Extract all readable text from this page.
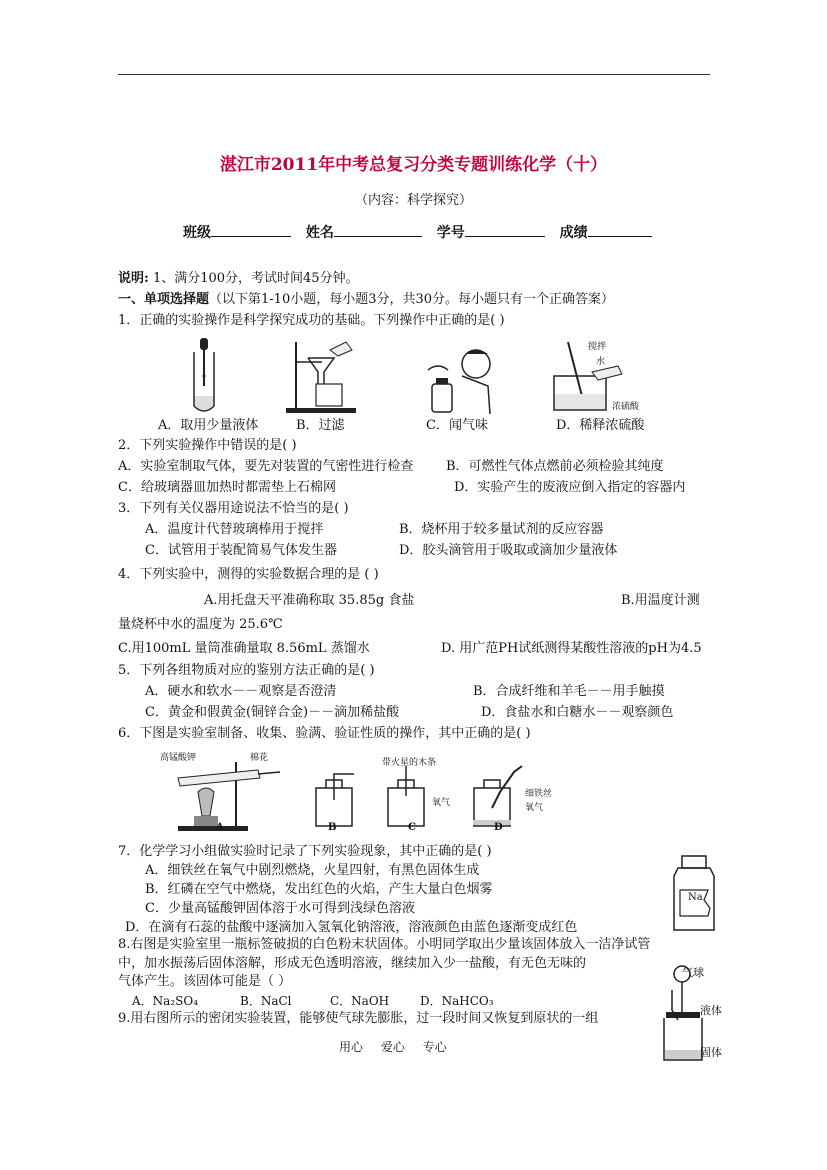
湛江市2011年中考总复习分类专题训练化学（十）
（内容：科学探究）
班级	姓名	学号	成绩
说明: 1、满分100分，考试时间45分钟。
一、单项选择题（以下第1-10小题，每小题3分，共30分。每小题只有一个正确答案）
1．正确的实验操作是科学探究成功的基础。下列操作中正确的是( )
搅拌
水
浓硫酸
A．取用少量液体	B．过滤	C．闻气味	D．稀释浓硫酸
2．下列实验操作中错误的是( )
A．实验室制取气体，要先对装置的气密性进行检查	B．可燃性气体点燃前必须检验其纯度
C．给玻璃器皿加热时都需垫上石棉网	D．实验产生的废液应倒入指定的容器内
3．下列有关仪器用途说法不恰当的是( )
A．温度计代替玻璃棒用于搅拌	B．烧杯用于较多量试剂的反应容器
C．试管用于装配简易气体发生器	D．胶头滴管用于吸取或滴加少量液体
4．下列实验中，测得的实验数据合理的是 ( )
A.用托盘天平准确称取 35.85g 食盐	B.用温度计测
量烧杯中水的温度为 25.6℃
C.用100mL 量筒准确量取 8.56mL 蒸馏水	D. 用广范PH试纸测得某酸性溶液的pH为4.5
5．下列各组物质对应的鉴别方法正确的是( )
A．硬水和软水－－观察是否澄清	B．合成纤维和羊毛－－用手触摸
C．黄金和假黄金(铜锌合金)－－滴加稀盐酸	D．食盐水和白糖水－－观察颜色
6．下图是实验室制备、收集、验满、验证性质的操作，其中正确的是( )
高锰酸钾	棉花	带火星的木条
氧气
细铁丝
氧气
A	B	C	D
7．化学学习小组做实验时记录了下列实验现象，其中正确的是( )
A．细铁丝在氧气中剧烈燃烧，火星四射，有黑色固体生成
B．红磷在空气中燃烧，发出红色的火焰，产生大量白色烟雾
C．少量高锰酸钾固体溶于水可得到浅绿色溶液
D．在滴有石蕊的盐酸中逐滴加入氢氧化钠溶液，溶液颜色由蓝色逐渐变成红色
Na
8.右图是实验室里一瓶标签破损的白色粉末状固体。小明同学取出少量该固体放入一洁净试管
中，加水振荡后固体溶解，形成无色透明溶液，继续加入少一盐酸，有无色无味的
气体产生。该固体可能是（ ）
A．Na₂SO₄	B．NaCl	C．NaOH	D．NaHCO₃
气球
液体
固体
9.用右图所示的密闭实验装置，能够使气球先膨胀，过一段时间又恢复到原状的一组
用心 爱心 专心
